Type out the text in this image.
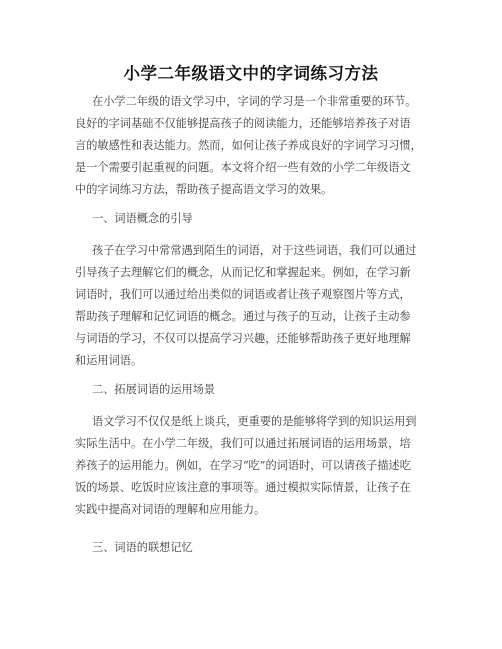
小学二年级语文中的字词练习方法
在小学二年级的语文学习中，字词的学习是一个非常重要的环节。
良好的字词基础不仅能够提高孩子的阅读能力，还能够培养孩子对语
言的敏感性和表达能力。然而，如何让孩子养成良好的字词学习习惯，
是一个需要引起重视的问题。本文将介绍一些有效的小学二年级语文
中的字词练习方法，帮助孩子提高语文学习的效果。
一、词语概念的引导
孩子在学习中常常遇到陌生的词语，对于这些词语，我们可以通过
引导孩子去理解它们的概念，从而记忆和掌握起来。例如，在学习新
词语时，我们可以通过给出类似的词语或者让孩子观察图片等方式，
帮助孩子理解和记忆词语的概念。通过与孩子的互动，让孩子主动参
与词语的学习，不仅可以提高学习兴趣，还能够帮助孩子更好地理解
和运用词语。
二、拓展词语的运用场景
语文学习不仅仅是纸上谈兵，更重要的是能够将学到的知识运用到
实际生活中。在小学二年级，我们可以通过拓展词语的运用场景，培
养孩子的运用能力。例如，在学习“吃”的词语时，可以请孩子描述吃
饭的场景、吃饭时应该注意的事项等。通过模拟实际情景，让孩子在
实践中提高对词语的理解和应用能力。
三、词语的联想记忆
